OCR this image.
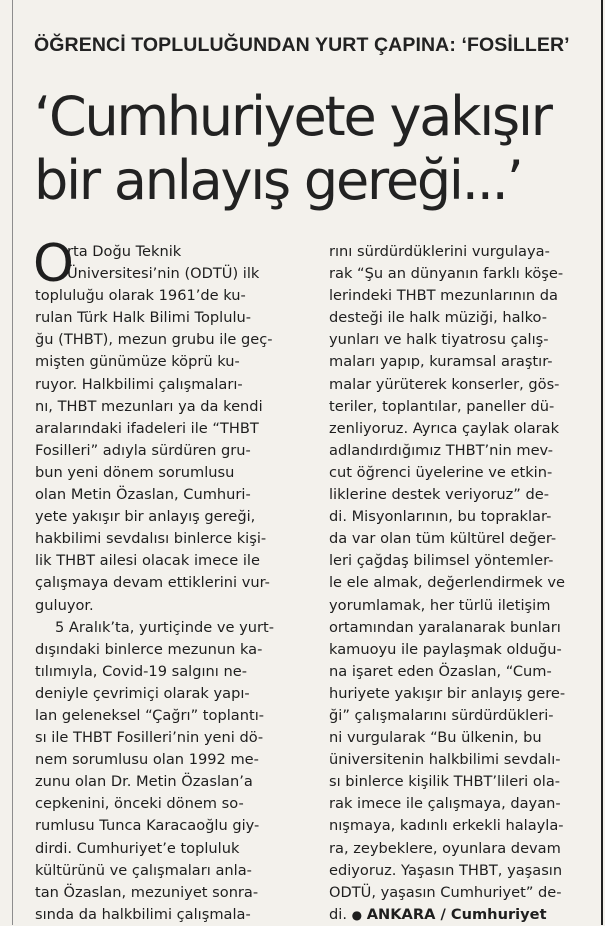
ÖĞRENCİ TOPLULUĞUNDAN YURT ÇAPINA: ‘FOSİLLER’
‘Cumhuriyete yakışır
bir anlayış gereği...’
O
rta Doğu Teknik
Üniversitesi’nin (ODTÜ) ilk
topluluğu olarak 1961’de ku-
rulan Türk Halk Bilimi Toplulu-
ğu (THBT), mezun grubu ile geç-
mişten günümüze köprü ku-
ruyor. Halkbilimi çalışmaları-
nı, THBT mezunları ya da kendi
aralarındaki ifadeleri ile “THBT
Fosilleri” adıyla sürdüren gru-
bun yeni dönem sorumlusu
olan Metin Özaslan, Cumhuri-
yete yakışır bir anlayış gereği,
hakbilimi sevdalısı binlerce kişi-
lik THBT ailesi olacak imece ile
çalışmaya devam ettiklerini vur-
guluyor.
5 Aralık’ta, yurtiçinde ve yurt-
dışındaki binlerce mezunun ka-
tılımıyla, Covid-19 salgını ne-
deniyle çevrimiçi olarak yapı-
lan geleneksel “Çağrı” toplantı-
sı ile THBT Fosilleri’nin yeni dö-
nem sorumlusu olan 1992 me-
zunu olan Dr. Metin Özaslan’a
cepkenini, önceki dönem so-
rumlusu Tunca Karacaoğlu giy-
dirdi. Cumhuriyet’e topluluk
kültürünü ve çalışmaları anla-
tan Özaslan, mezuniyet sonra-
sında da halkbilimi çalışmala-
rını sürdürdüklerini vurgulaya-
rak “Şu an dünyanın farklı köşe-
lerindeki THBT mezunlarının da
desteği ile halk müziği, halko-
yunları ve halk tiyatrosu çalış-
maları yapıp, kuramsal araştır-
malar yürüterek konserler, gös-
teriler, toplantılar, paneller dü-
zenliyoruz. Ayrıca çaylak olarak
adlandırdığımız THBT’nin mev-
cut öğrenci üyelerine ve etkin-
liklerine destek veriyoruz” de-
di. Misyonlarının, bu topraklar-
da var olan tüm kültürel değer-
leri çağdaş bilimsel yöntemler-
le ele almak, değerlendirmek ve
yorumlamak, her türlü iletişim
ortamından yaralanarak bunları
kamuoyu ile paylaşmak olduğu-
na işaret eden Özaslan, “Cum-
huriyete yakışır bir anlayış gere-
ği” çalışmalarını sürdürdükleri-
ni vurgularak “Bu ülkenin, bu
üniversitenin halkbilimi sevdalı-
sı binlerce kişilik THBT’lileri ola-
rak imece ile çalışmaya, dayan-
nışmaya, kadınlı erkekli halayla-
ra, zeybeklere, oyunlara devam
ediyoruz. Yaşasın THBT, yaşasın
ODTÜ, yaşasın Cumhuriyet” de-
di. ● ANKARA / Cumhuriyet
